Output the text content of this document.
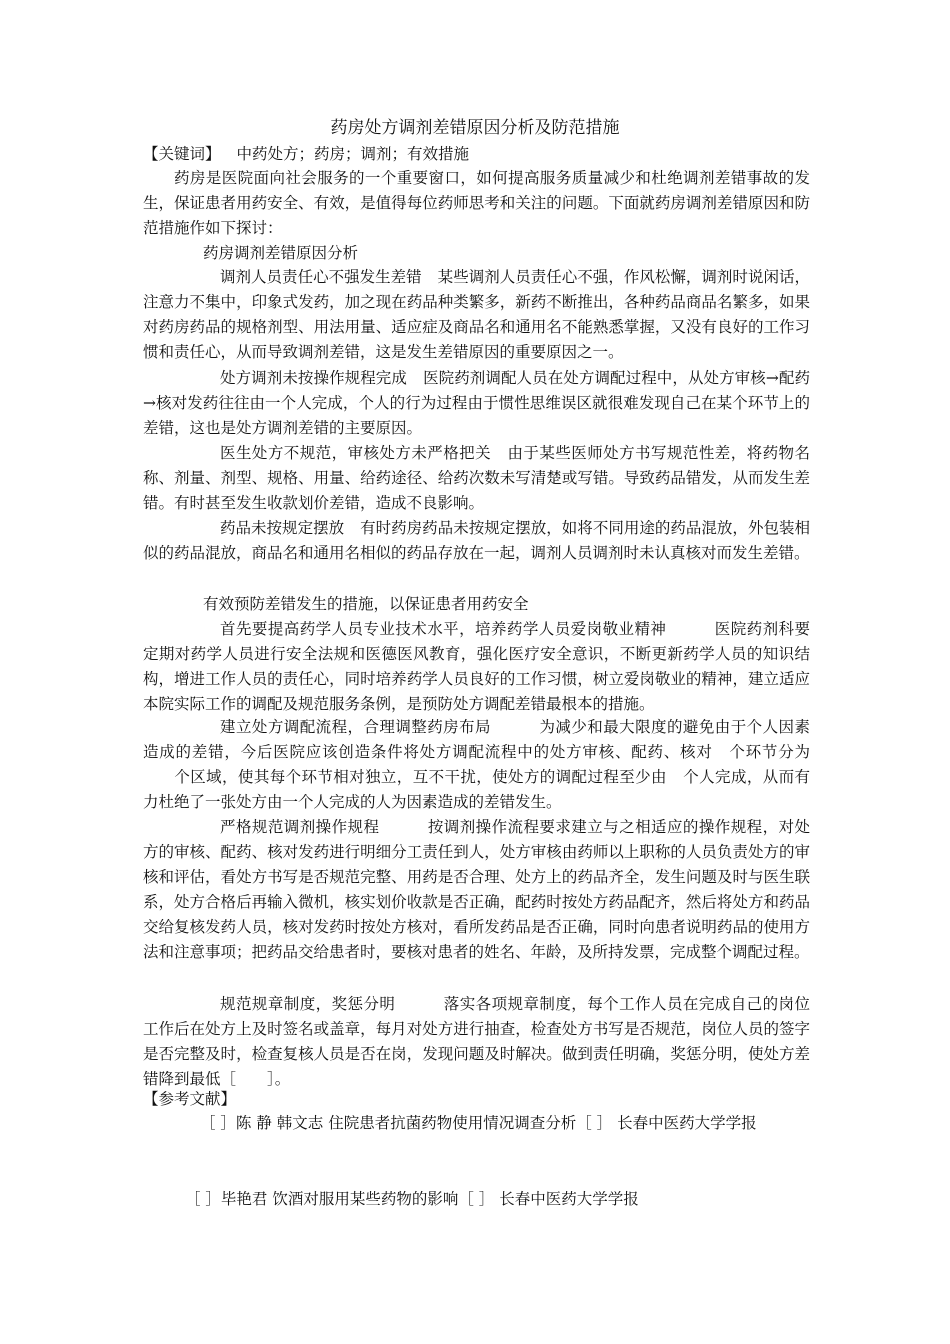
药房处方调剂差错原因分析及防范措施
【关键词】 中药处方；药房；调剂；有效措施
药房是医院面向社会服务的一个重要窗口，如何提高服务质量减少和杜绝调剂差错事故的发生，保证患者用药安全、有效，是值得每位药师思考和关注的问题。下面就药房调剂差错原因和防范措施作如下探讨：
药房调剂差错原因分析
调剂人员责任心不强发生差错 某些调剂人员责任心不强，作风松懈，调剂时说闲话，注意力不集中，印象式发药，加之现在药品种类繁多，新药不断推出，各种药品商品名繁多，如果对药房药品的规格剂型、用法用量、适应症及商品名和通用名不能熟悉掌握，又没有良好的工作习惯和责任心，从而导致调剂差错，这是发生差错原因的重要原因之一。
处方调剂未按操作规程完成 医院药剂调配人员在处方调配过程中，从处方审核→配药→核对发药往往由一个人完成，个人的行为过程由于惯性思维误区就很难发现自己在某个环节上的差错，这也是处方调剂差错的主要原因。
医生处方不规范，审核处方未严格把关 由于某些医师处方书写规范性差，将药物名称、剂量、剂型、规格、用量、给药途径、给药次数未写清楚或写错。导致药品错发，从而发生差错。有时甚至发生收款划价差错，造成不良影响。
药品未按规定摆放 有时药房药品未按规定摆放，如将不同用途的药品混放，外包装相似的药品混放，商品名和通用名相似的药品存放在一起，调剂人员调剂时未认真核对而发生差错。
有效预防差错发生的措施，以保证患者用药安全
首先要提高药学人员专业技术水平，培养药学人员爱岗敬业精神	医院药剂科要定期对药学人员进行安全法规和医德医风教育，强化医疗安全意识，不断更新药学人员的知识结构，增进工作人员的责任心，同时培养药学人员良好的工作习惯，树立爱岗敬业的精神，建立适应本院实际工作的调配及规范服务条例，是预防处方调配差错最根本的措施。
建立处方调配流程，合理调整药房布局	为减少和最大限度的避免由于个人因素造成的差错，今后医院应该创造条件将处方调配流程中的处方审核、配药、核对 个环节分为个区域，使其每个环节相对独立，互不干扰，使处方的调配过程至少由 个人完成，从而有力杜绝了一张处方由一个人完成的人为因素造成的差错发生。
严格规范调剂操作规程	按调剂操作流程要求建立与之相适应的操作规程，对处方的审核、配药、核对发药进行明细分工责任到人，处方审核由药师以上职称的人员负责处方的审核和评估，看处方书写是否规范完整、用药是否合理、处方上的药品齐全，发生问题及时与医生联系，处方合格后再输入微机，核实划价收款是否正确，配药时按处方药品配齐，然后将处方和药品交给复核发药人员，核对发药时按处方核对，看所发药品是否正确，同时向患者说明药品的使用方法和注意事项；把药品交给患者时，要核对患者的姓名、年龄，及所持发票，完成整个调配过程。
规范规章制度，奖惩分明	落实各项规章制度，每个工作人员在完成自己的岗位工作后在处方上及时签名或盖章，每月对处方进行抽查，检查处方书写是否规范，岗位人员的签字是否完整及时，检查复核人员是否在岗，发现问题及时解决。做到责任明确，奖惩分明，使处方差错降到最低［　　］。
【参考文献】
［ ］陈 静 韩文志 住院患者抗菌药物使用情况调查分析［ ］ 长春中医药大学学报
［ ］毕艳君 饮酒对服用某些药物的影响［ ］ 长春中医药大学学报
